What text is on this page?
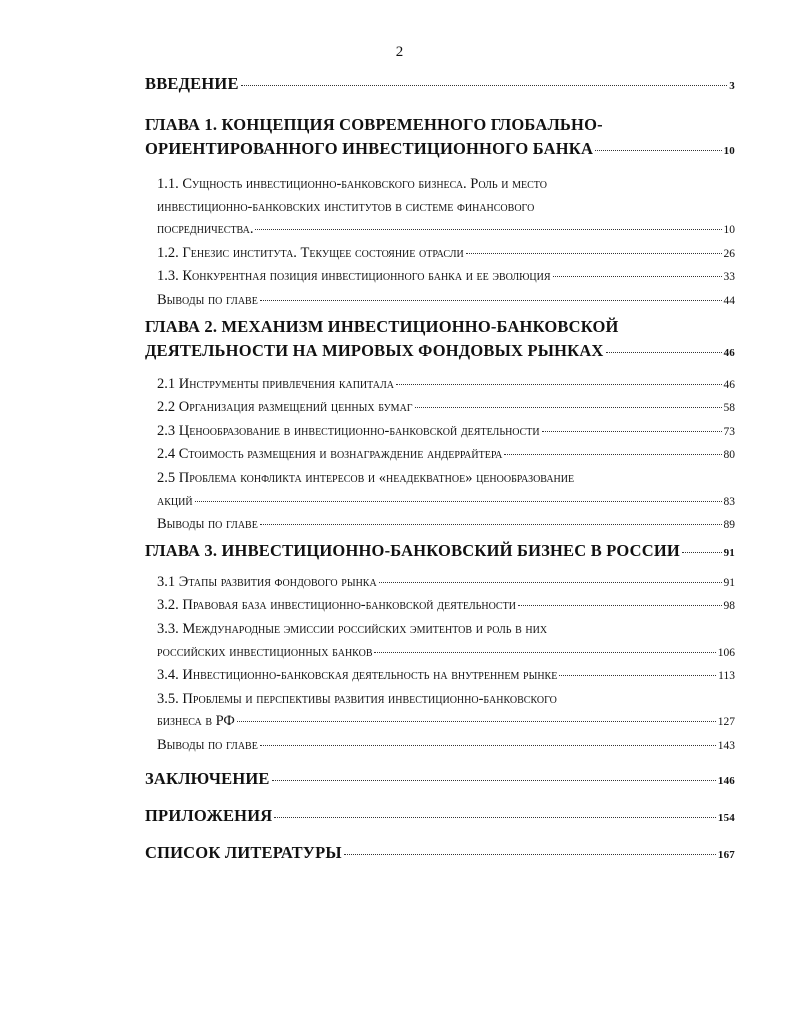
2
ВВЕДЕНИЕ	3
ГЛАВА 1. КОНЦЕПЦИЯ СОВРЕМЕННОГО ГЛОБАЛЬНО-
ОРИЕНТИРОВАННОГО ИНВЕСТИЦИОННОГО БАНКА	10
1.1. Сущность инвестиционно-банковского бизнеса. Роль и место
инвестиционно-банковских институтов в системе финансового
посредничества.	10
1.2. Генезис института. Текущее состояние отрасли	26
1.3. Конкурентная позиция инвестиционного банка и ее эволюция	33
Выводы по главе	44
ГЛАВА 2. МЕХАНИЗМ ИНВЕСТИЦИОННО-БАНКОВСКОЙ
ДЕЯТЕЛЬНОСТИ НА МИРОВЫХ ФОНДОВЫХ РЫНКАХ	46
2.1 Инструменты привлечения капитала	46
2.2 Организация размещений ценных бумаг	58
2.3 Ценообразование в инвестиционно-банковской деятельности	73
2.4 Стоимость размещения и вознаграждение андеррайтера	80
2.5 Проблема конфликта интересов и «неадекватное» ценообразование
акций	83
Выводы по главе	89
ГЛАВА 3. ИНВЕСТИЦИОННО-БАНКОВСКИЙ БИЗНЕС В РОССИИ	91
3.1 Этапы развития фондового рынка	91
3.2. Правовая база инвестиционно-банковской деятельности	98
3.3. Международные эмиссии российских эмитентов и роль в них
российских инвестиционных банков	106
3.4. Инвестиционно-банковская деятельность на внутреннем рынке	113
3.5. Проблемы и перспективы развития инвестиционно-банковского
бизнеса в РФ	127
Выводы по главе	143
ЗАКЛЮЧЕНИЕ	146
ПРИЛОЖЕНИЯ	154
СПИСОК ЛИТЕРАТУРЫ	167
